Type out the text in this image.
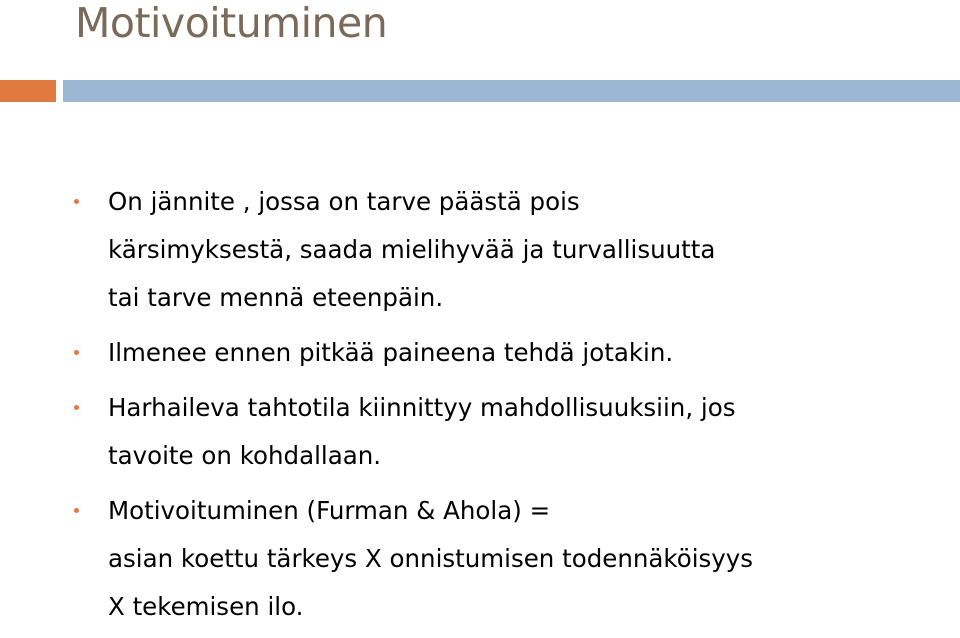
Motivoituminen
On jännite , jossa on tarve päästä pois
kärsimyksestä, saada mielihyvää ja turvallisuutta
tai tarve mennä eteenpäin.
Ilmenee ennen pitkää paineena tehdä jotakin.
Harhaileva tahtotila kiinnittyy mahdollisuuksiin, jos
tavoite on kohdallaan.
Motivoituminen (Furman & Ahola) =
asian koettu tärkeys X onnistumisen todennäköisyys
X tekemisen ilo.
